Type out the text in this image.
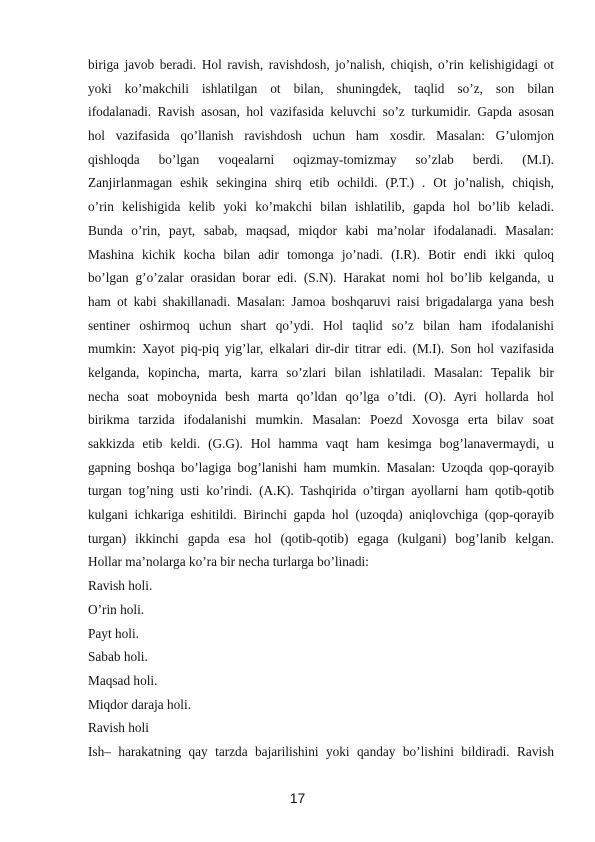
biriga javob beradi. Hol ravish, ravishdosh, jo’nalish, chiqish, o’rin kelishigidagi ot
yoki ko’makchili ishlatilgan ot bilan, shuningdek, taqlid so’z, son bilan
ifodalanadi. Ravish asosan, hol vazifasida keluvchi so’z turkumidir. Gapda asosan
hol vazifasida qo’llanish ravishdosh uchun ham xosdir. Masalan: G’ulomjon
qishloqda bo’lgan voqealarni oqizmay-tomizmay so’zlab berdi. (M.I).
Zanjirlanmagan eshik sekingina shirq etib ochildi. (P.T.) . Ot jo’nalish, chiqish,
o’rin kelishigida kelib yoki ko’makchi bilan ishlatilib, gapda hol bo’lib keladi.
Bunda o’rin, payt, sabab, maqsad, miqdor kabi ma’nolar ifodalanadi. Masalan:
Mashina kichik kocha bilan adir tomonga jo’nadi. (I.R). Botir endi ikki quloq
bo’lgan g’o’zalar orasidan borar edi. (S.N). Harakat nomi hol bo’lib kelganda, u
ham ot kabi shakillanadi. Masalan: Jamoa boshqaruvi raisi brigadalarga yana besh
sentiner oshirmoq uchun shart qo’ydi. Hol taqlid so’z bilan ham ifodalanishi
mumkin: Xayot piq-piq yig’lar, elkalari dir-dir titrar edi. (M.I). Son hol vazifasida
kelganda, kopincha, marta, karra so’zlari bilan ishlatiladi. Masalan: Tepalik bir
necha soat moboynida besh marta qo’ldan qo’lga o’tdi. (O). Ayri hollarda hol
birikma tarzida ifodalanishi mumkin. Masalan: Poezd Xovosga erta bilav soat
sakkizda etib keldi. (G.G). Hol hamma vaqt ham kesimga bog’lanavermaydi, u
gapning boshqa bo’lagiga bog’lanishi ham mumkin. Masalan: Uzoqda qop-qorayib
turgan tog’ning usti ko’rindi. (A.K). Tashqirida o’tirgan ayollarni ham qotib-qotib
kulgani ichkariga eshitildi. Birinchi gapda hol (uzoqda) aniqlovchiga (qop-qorayib
turgan) ikkinchi gapda esa hol (qotib-qotib) egaga (kulgani) bog’lanib kelgan.
Hollar ma’nolarga ko’ra bir necha turlarga bo’linadi:
Ravish holi.
O’rin holi.
Payt holi.
Sabab holi.
Maqsad holi.
Miqdor daraja holi.
Ravish holi
Ish– harakatning qay tarzda bajarilishini yoki qanday bo’lishini bildiradi. Ravish
17
